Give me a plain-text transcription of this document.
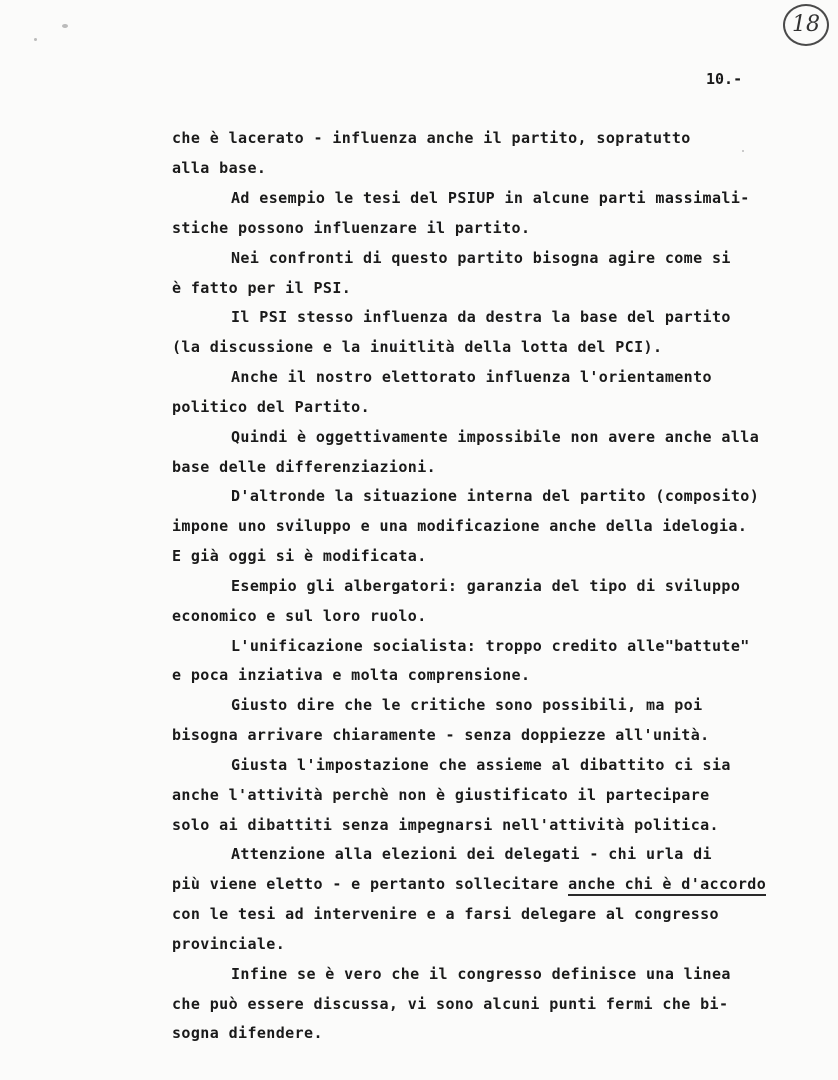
18
10.-
che è lacerato - influenza anche il partito, sopratutto
alla base.
Ad esempio le tesi del PSIUP in alcune parti massimali-
stiche possono influenzare il partito.
Nei confronti di questo partito bisogna agire come si
è fatto per il PSI.
Il PSI stesso influenza da destra la base del partito
(la discussione e la inuitlità della lotta del PCI).
Anche il nostro elettorato influenza l'orientamento
politico del Partito.
Quindi è oggettivamente impossibile non avere anche alla
base delle differenziazioni.
D'altronde la situazione interna del partito (composito)
impone uno sviluppo e una modificazione anche della idelogia.
E già oggi si è modificata.
Esempio gli albergatori: garanzia del tipo di sviluppo
economico e sul loro ruolo.
L'unificazione socialista: troppo credito alle"battute"
e poca inziativa e molta comprensione.
Giusto dire che le critiche sono possibili, ma poi
bisogna arrivare chiaramente - senza doppiezze all'unità.
Giusta l'impostazione che assieme al dibattito ci sia
anche l'attività perchè non è giustificato il partecipare
solo ai dibattiti senza impegnarsi nell'attività politica.
Attenzione alla elezioni dei delegati - chi urla di
più viene eletto - e pertanto sollecitare anche chi è d'accordo
con le tesi ad intervenire e a farsi delegare al congresso
provinciale.
Infine se è vero che il congresso definisce una linea
che può essere discussa, vi sono alcuni punti fermi che bi-
sogna difendere.
